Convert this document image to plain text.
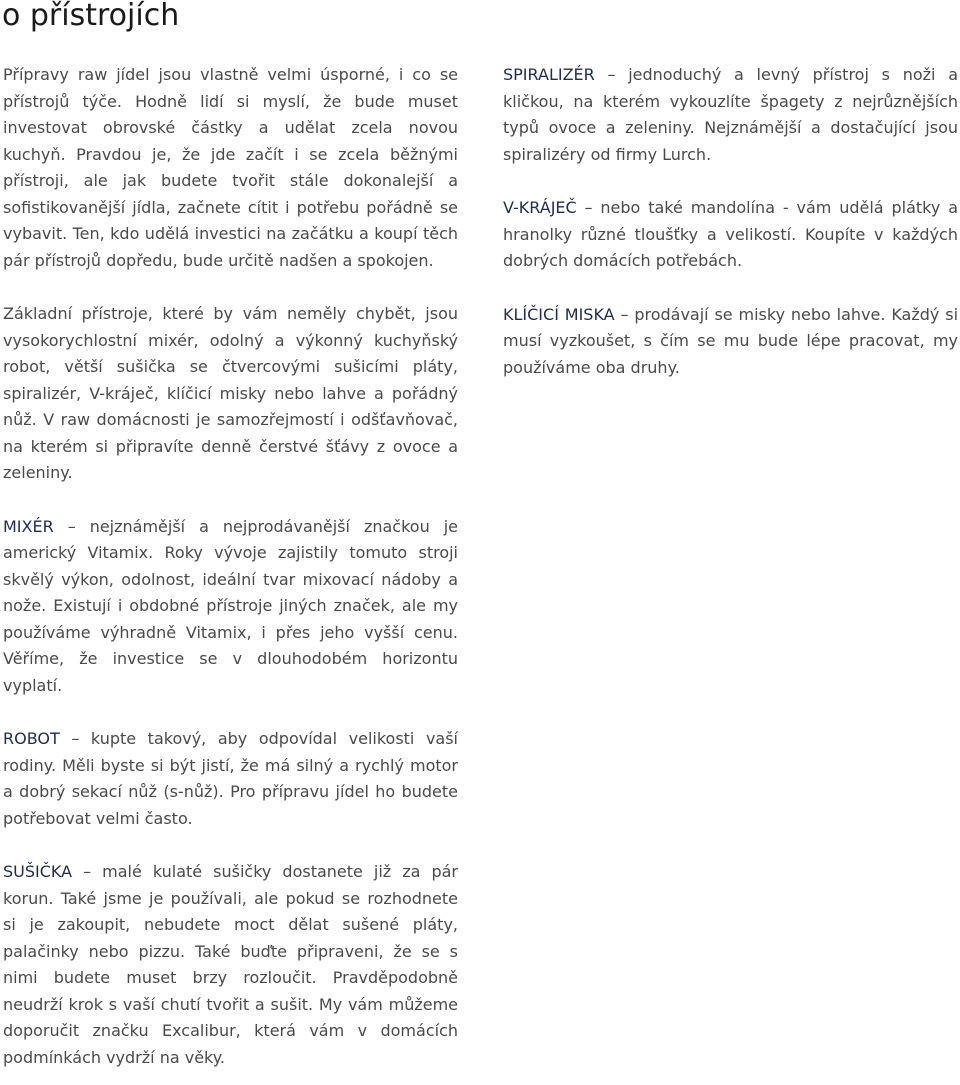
o přístrojích

Přípravy raw jídel jsou vlastně velmi úsporné, i co se přístrojů týče. Hodně lidí si myslí, že bude muset investovat obrovské částky a udělat zcela novou kuchyň. Pravdou je, že jde začít i se zcela běžnými přístroji, ale jak budete tvořit stále dokonalejší a sofistikovanější jídla, začnete cítit i potřebu pořádně se vybavit. Ten, kdo udělá investici na začátku a koupí těch pár přístrojů dopředu, bude určitě nadšen a spokojen.

Základní přístroje, které by vám neměly chybět, jsou vysokorychlostní mixér, odolný a výkonný kuchyňský robot, větší sušička se čtvercovými sušicími pláty, spiralizér, V-kráječ, klíčicí misky nebo lahve a pořádný nůž. V raw domácnosti je samozřejmostí i odšťavňovač, na kterém si připravíte denně čerstvé šťávy z ovoce a zeleniny.

MIXÉR – nejznámější a nejprodávanější značkou je americký Vitamix. Roky vývoje zajistily tomuto stroji skvělý výkon, odolnost, ideální tvar mixovací nádoby a nože. Existují i obdobné přístroje jiných značek, ale my používáme výhradně Vitamix, i přes jeho vyšší cenu. Věříme, že investice se v dlouhodobém horizontu vyplatí.

ROBOT – kupte takový, aby odpovídal velikosti vaší rodiny. Měli byste si být jistí, že má silný a rychlý motor a dobrý sekací nůž (s-nůž). Pro přípravu jídel ho budete potřebovat velmi často.

SUŠIČKA – malé kulaté sušičky dostanete již za pár korun. Také jsme je používali, ale pokud se rozhodnete si je zakoupit, nebudete moct dělat sušené pláty, palačinky nebo pizzu. Také buďte připraveni, že se s nimi budete muset brzy rozloučit. Pravděpodobně neudrží krok s vaší chutí tvořit a sušit. My vám můžeme doporučit značku Excalibur, která vám v domácích podmínkách vydrží na věky.

SPIRALIZÉR – jednoduchý a levný přístroj s noži a kličkou, na kterém vykouzlíte špagety z nejrůznějších typů ovoce a zeleniny. Nejznámější a dostačující jsou spiralizéry od firmy Lurch.

V-KRÁJEČ – nebo také mandolína - vám udělá plátky a hranolky různé tloušťky a velikostí. Koupíte v každých dobrých domácích potřebách.

KLÍČICÍ MISKA – prodávají se misky nebo lahve. Každý si musí vyzkoušet, s čím se mu bude lépe pracovat, my používáme oba druhy.
